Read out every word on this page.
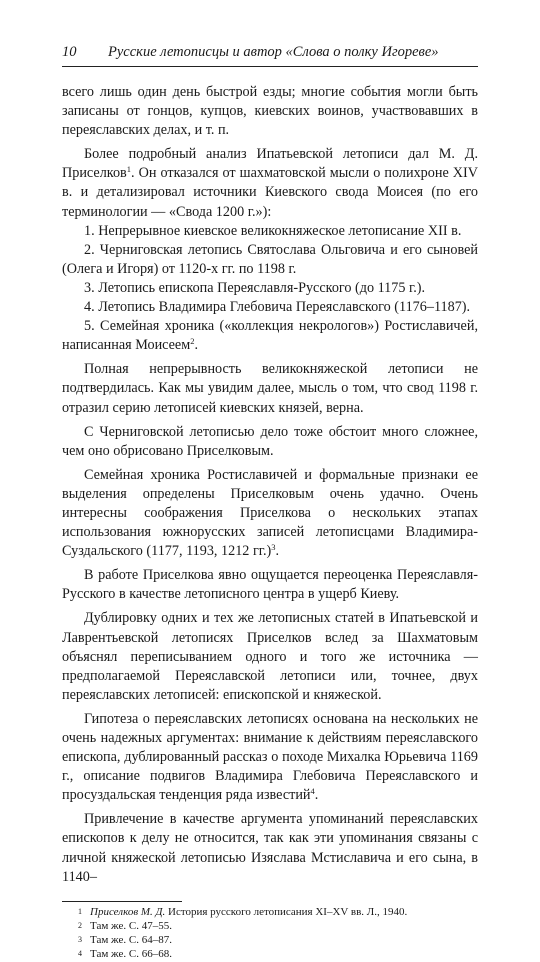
10	Русские летописцы и автор «Слова о полку Игореве»

всего лишь один день быстрой езды; многие события могли быть записаны от гонцов, купцов, киевских воинов, участвовавших в переяславских делах, и т. п.

Более подробный анализ Ипатьевской летописи дал М. Д. Приселков$^1$. Он отказался от шахматовской мысли о полихроне XIV в. и детализировал источники Киевского свода Моисея (по его терминологии — «Свода 1200 г.»):

1. Непрерывное киевское великокняжеское летописание XII в.

2. Черниговская летопись Святослава Ольговича и его сыновей (Олега и Игоря) от 1120-х гг. по 1198 г.

3. Летопись епископа Переяславля-Русского (до 1175 г.).

4. Летопись Владимира Глебовича Переяславского (1176–1187).

5. Семейная хроника («коллекция некрологов») Ростиславичей, написанная Моисеем$^2$.

Полная непрерывность великокняжеской летописи не подтвердилась. Как мы увидим далее, мысль о том, что свод 1198 г. отразил серию летописей киевских князей, верна.

С Черниговской летописью дело тоже обстоит много сложнее, чем оно обрисовано Приселковым.

Семейная хроника Ростиславичей и формальные признаки ее выделения определены Приселковым очень удачно. Очень интересны соображения Приселкова о нескольких этапах использования южнорусских записей летописцами Владимира-Суздальского (1177, 1193, 1212 гг.)$^3$.

В работе Приселкова явно ощущается переоценка Переяславля-Русского в качестве летописного центра в ущерб Киеву.

Дублировку одних и тех же летописных статей в Ипатьевской и Лаврентьевской летописях Приселков вслед за Шахматовым объяснял переписыванием одного и того же источника — предполагаемой Переяславской летописи или, точнее, двух переяславских летописей: епископской и княжеской.

Гипотеза о переяславских летописях основана на нескольких не очень надежных аргументах: внимание к действиям переяславского епископа, дублированный рассказ о походе Михалка Юрьевича 1169 г., описание подвигов Владимира Глебовича Переяславского и просуздальская тенденция ряда известий$^4$.

Привлечение в качестве аргумента упоминаний переяславских епископов к делу не относится, так как эти упоминания связаны с личной княжеской летописью Изяслава Мстиславича и его сына, в 1140–

1 Приселков М. Д. История русского летописания XI–XV вв. Л., 1940.
2 Там же. С. 47–55.
3 Там же. С. 64–87.
4 Там же. С. 66–68.
